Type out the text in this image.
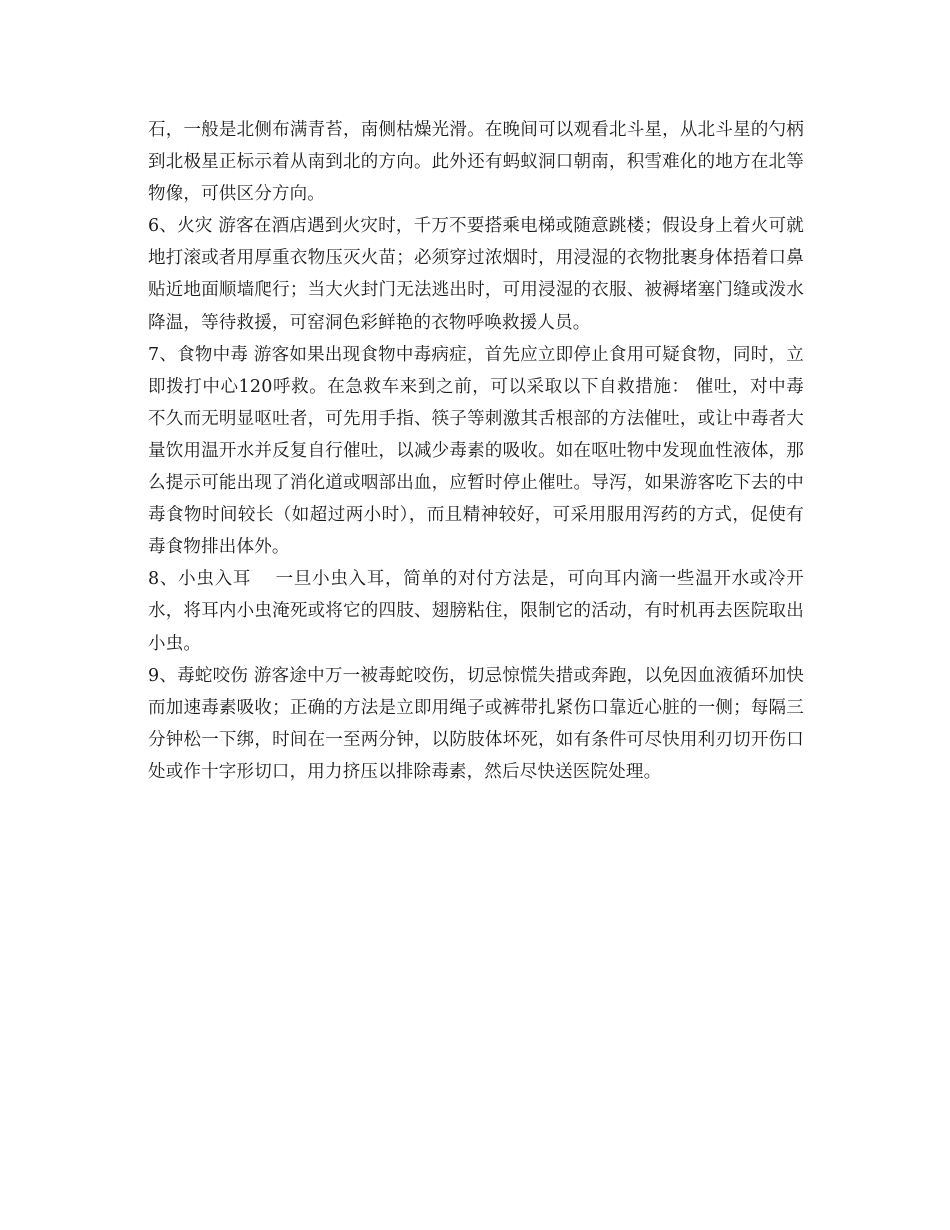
石，一般是北侧布满青苔，南侧枯燥光滑。在晚间可以观看北斗星，从北斗星的勺柄到北极星正标示着从南到北的方向。此外还有蚂蚁洞口朝南，积雪难化的地方在北等物像，可供区分方向。

6、火灾 游客在酒店遇到火灾时，千万不要搭乘电梯或随意跳楼；假设身上着火可就地打滚或者用厚重衣物压灭火苗；必须穿过浓烟时，用浸湿的衣物批裹身体捂着口鼻贴近地面顺墙爬行；当大火封门无法逃出时，可用浸湿的衣服、被褥堵塞门缝或泼水降温，等待救援，可窑洞色彩鲜艳的衣物呼唤救援人员。

7、食物中毒 游客如果出现食物中毒病症，首先应立即停止食用可疑食物，同时，立即拨打中心120呼救。在急救车来到之前，可以采取以下自救措施： 催吐，对中毒不久而无明显呕吐者，可先用手指、筷子等刺激其舌根部的方法催吐，或让中毒者大量饮用温开水并反复自行催吐，以减少毒素的吸收。如在呕吐物中发现血性液体，那么提示可能出现了消化道或咽部出血，应暂时停止催吐。导泻，如果游客吃下去的中毒食物时间较长（如超过两小时），而且精神较好，可采用服用泻药的方式，促使有毒食物排出体外。

8、小虫入耳　 一旦小虫入耳，简单的对付方法是，可向耳内滴一些温开水或冷开水，将耳内小虫淹死或将它的四肢、翅膀粘住，限制它的活动，有时机再去医院取出小虫。

9、毒蛇咬伤 游客途中万一被毒蛇咬伤，切忌惊慌失措或奔跑，以免因血液循环加快而加速毒素吸收；正确的方法是立即用绳子或裤带扎紧伤口靠近心脏的一侧；每隔三分钟松一下绑，时间在一至两分钟，以防肢体坏死，如有条件可尽快用利刃切开伤口处或作十字形切口，用力挤压以排除毒素，然后尽快送医院处理。
